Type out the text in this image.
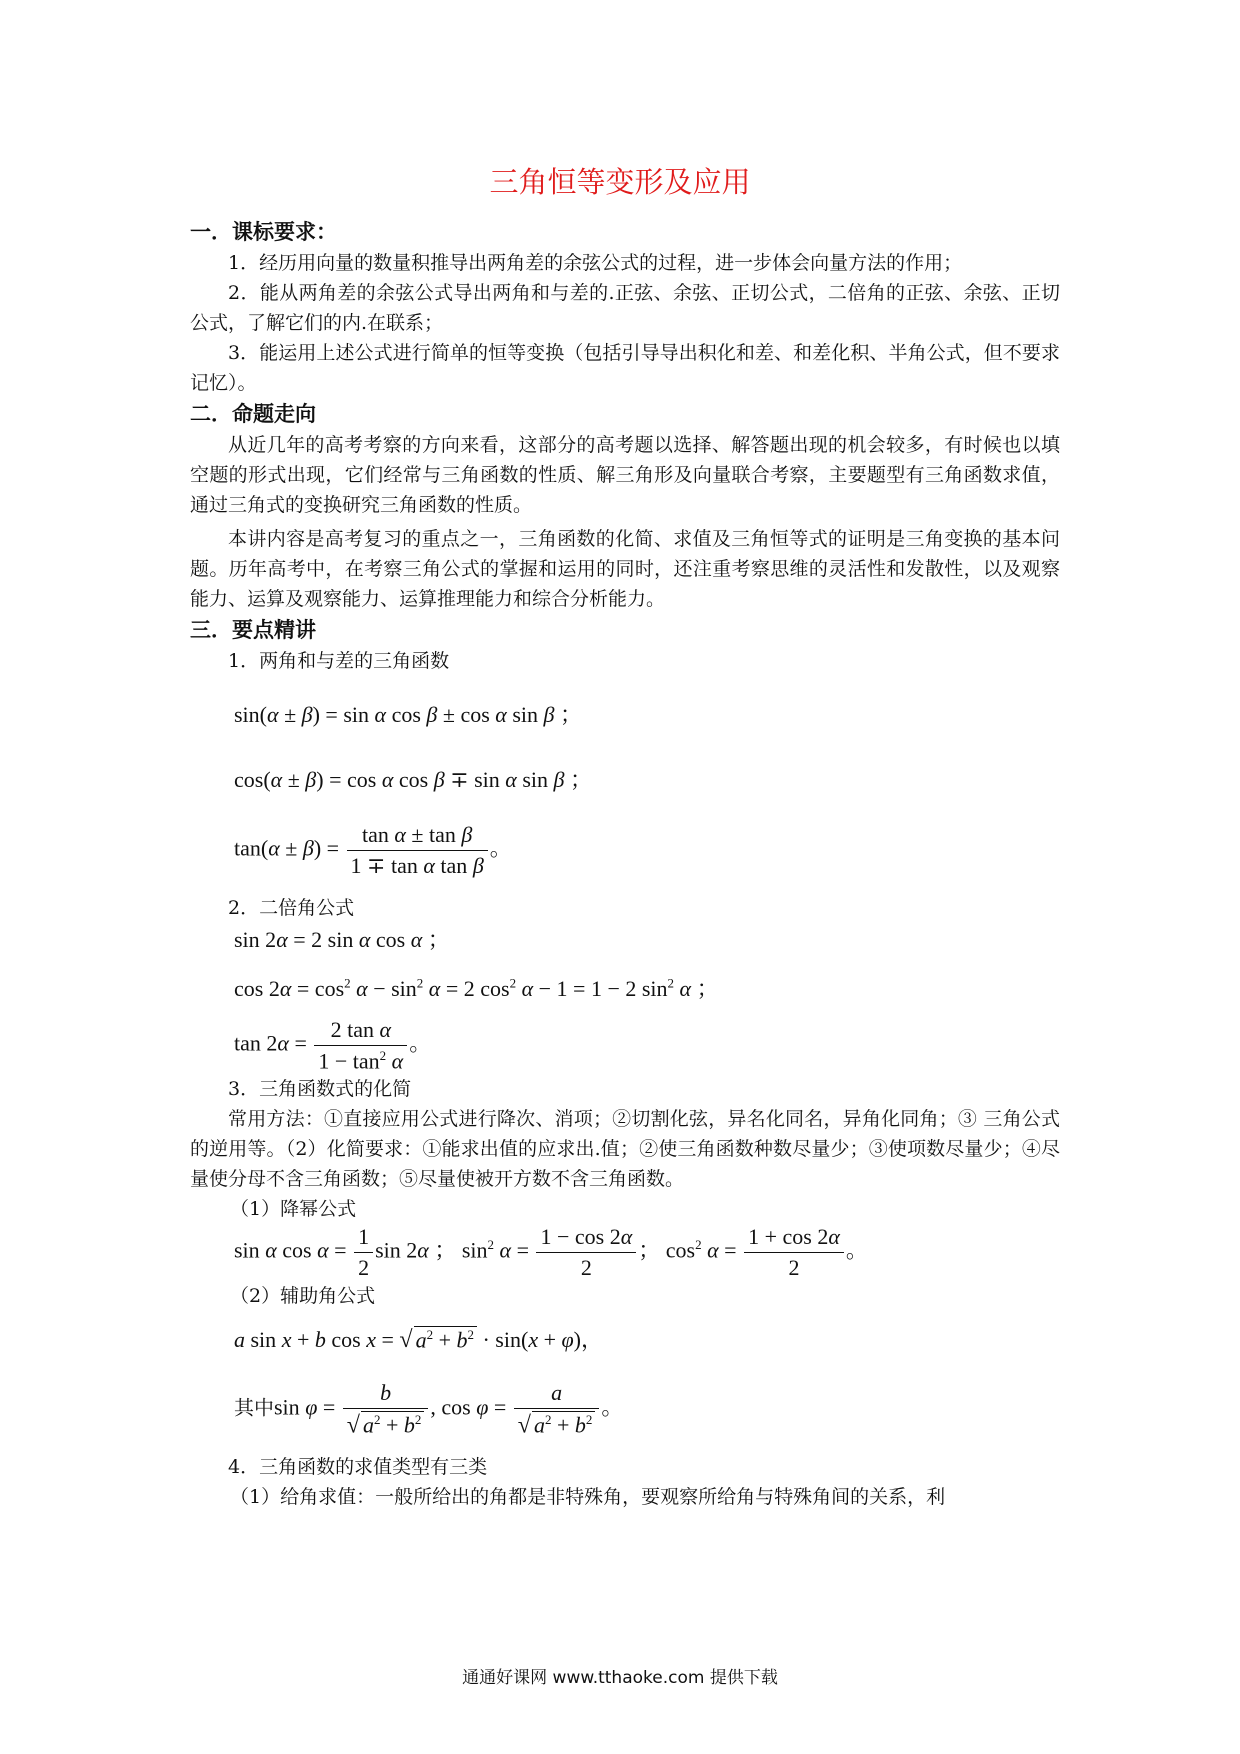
三角恒等变形及应用
一．课标要求：

1．经历用向量的数量积推导出两角差的余弦公式的过程，进一步体会向量方法的作用；

2．能从两角差的余弦公式导出两角和与差的.正弦、余弦、正切公式，二倍角的正弦、余弦、正切公式，了解它们的内.在联系；

3．能运用上述公式进行简单的恒等变换（包括引导导出积化和差、和差化积、半角公式，但不要求记忆）。

二．命题走向

从近几年的高考考察的方向来看，这部分的高考题以选择、解答题出现的机会较多，有时候也以填空题的形式出现，它们经常与三角函数的性质、解三角形及向量联合考察，主要题型有三角函数求值，通过三角式的变换研究三角函数的性质。

本讲内容是高考复习的重点之一，三角函数的化简、求值及三角恒等式的证明是三角变换的基本问题。历年高考中，在考察三角公式的掌握和运用的同时，还注重考察思维的灵活性和发散性，以及观察能力、运算及观察能力、运算推理能力和综合分析能力。

三．要点精讲

1．两角和与差的三角函数

sin(α ± β) = sin α cos β ± cos α sin β ；
cos(α ± β) = cos α cos β ∓ sin α sin β ；
$\tan(\alpha \pm \beta) = \frac{\text{tan α ± tan β}}{\text{1 ∓ tan α tan β}}$ 。

2．二倍角公式

sin 2α = 2 sin α cos α ；
$\cos 2\alpha = \cos^2 \alpha - \sin^2 \alpha = 2$ $\cos^2 \alpha - 1 = 1 - 2$ $\sin^2 \alpha$ ；
$\tan 2\alpha = \frac{\text{2 tan α}}{1 - \tan^2 \alpha}$ 。

3．三角函数式的化简

常用方法：①直接应用公式进行降次、消项；②切割化弦，异名化同名，异角化同角；③ 三角公式的逆用等。（2）化简要求：①能求出值的应求出.值；②使三角函数种数尽量少；③使项数尽量少；④尽量使分母不含三角函数；⑤尽量使被开方数不含三角函数。

（1）降幂公式

sin α $\cos \alpha = \frac{1}{2}$ sin 2α ； $\sin^2 \alpha = \frac{1 - \cos 2\alpha}{2}$ ； $\cos^2 \alpha = \frac{1 + \cos 2\alpha}{2}$ 。

（2）辅助角公式

a sin x + b cos x = √ $a^2 + b^2 \cdot \sin(x + \varphi)$，
其中$\sin \varphi = \frac{b}{√ a^2 + b^2}$ , $\cos \varphi = \frac{a}{√ a^2 + b^2}$ 。

4．三角函数的求值类型有三类

（1）给角求值：一般所给出的角都是非特殊角，要观察所给角与特殊角间的关系，利

通通好课网 www.tthaoke.com 提供下载
